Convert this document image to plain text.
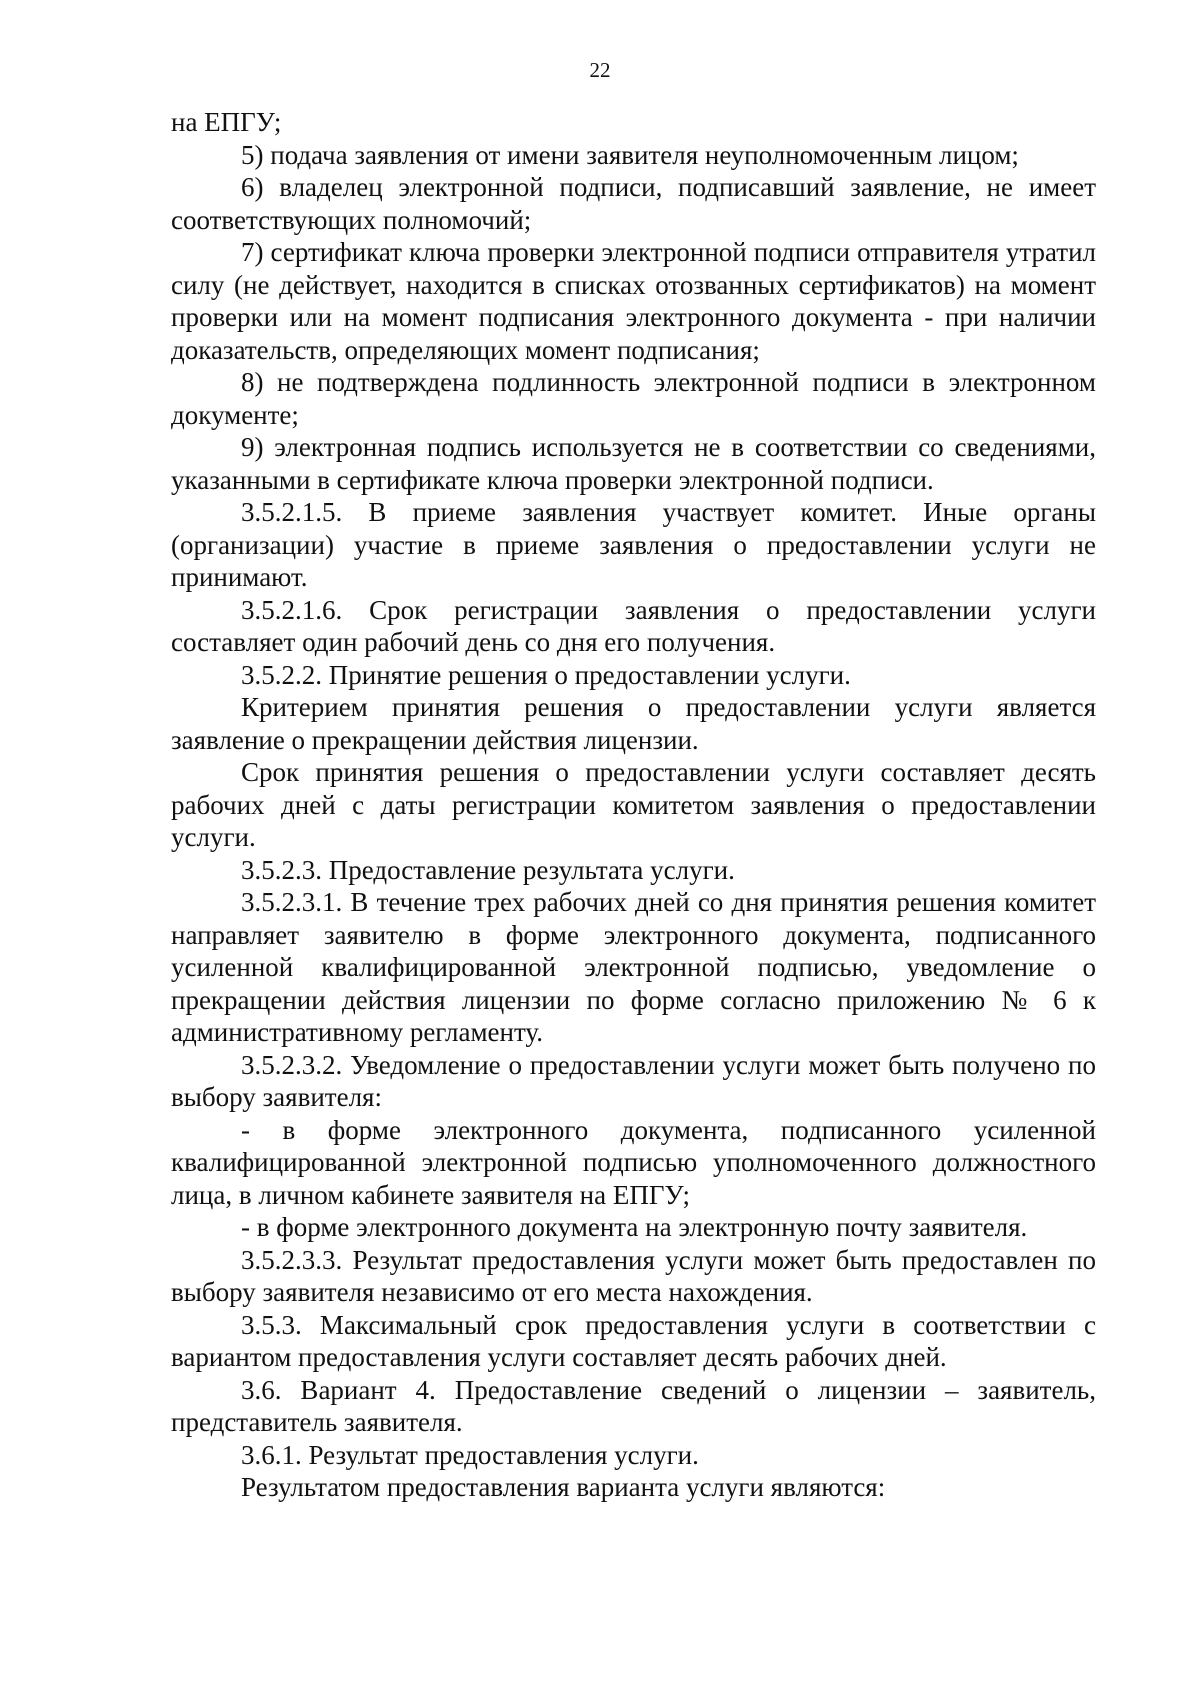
22

на ЕПГУ;

5) подача заявления от имени заявителя неуполномоченным лицом;

6) владелец электронной подписи, подписавший заявление, не имеет соответствующих полномочий;

7) сертификат ключа проверки электронной подписи отправителя утратил силу (не действует, находится в списках отозванных сертификатов) на момент проверки или на момент подписания электронного документа - при наличии доказательств, определяющих момент подписания;

8) не подтверждена подлинность электронной подписи в электронном документе;

9) электронная подпись используется не в соответствии со сведениями, указанными в сертификате ключа проверки электронной подписи.

3.5.2.1.5. В приеме заявления участвует комитет. Иные органы (организации) участие в приеме заявления о предоставлении услуги не принимают.

3.5.2.1.6. Срок регистрации заявления о предоставлении услуги составляет один рабочий день со дня его получения.

3.5.2.2. Принятие решения о предоставлении услуги.

Критерием принятия решения о предоставлении услуги является заявление о прекращении действия лицензии.

Срок принятия решения о предоставлении услуги составляет десять рабочих дней с даты регистрации комитетом заявления о предоставлении услуги.

3.5.2.3. Предоставление результата услуги.

3.5.2.3.1. В течение трех рабочих дней со дня принятия решения комитет направляет заявителю в форме электронного документа, подписанного усиленной квалифицированной электронной подписью, уведомление о прекращении действия лицензии по форме согласно приложению № 6 к административному регламенту.

3.5.2.3.2. Уведомление о предоставлении услуги может быть получено по выбору заявителя:

- в форме электронного документа, подписанного усиленной квалифицированной электронной подписью уполномоченного должностного лица, в личном кабинете заявителя на ЕПГУ;

- в форме электронного документа на электронную почту заявителя.

3.5.2.3.3. Результат предоставления услуги может быть предоставлен по выбору заявителя независимо от его места нахождения.

3.5.3. Максимальный срок предоставления услуги в соответствии с вариантом предоставления услуги составляет десять рабочих дней.

3.6. Вариант 4. Предоставление сведений о лицензии – заявитель, представитель заявителя.

3.6.1. Результат предоставления услуги.

Результатом предоставления варианта услуги являются:
